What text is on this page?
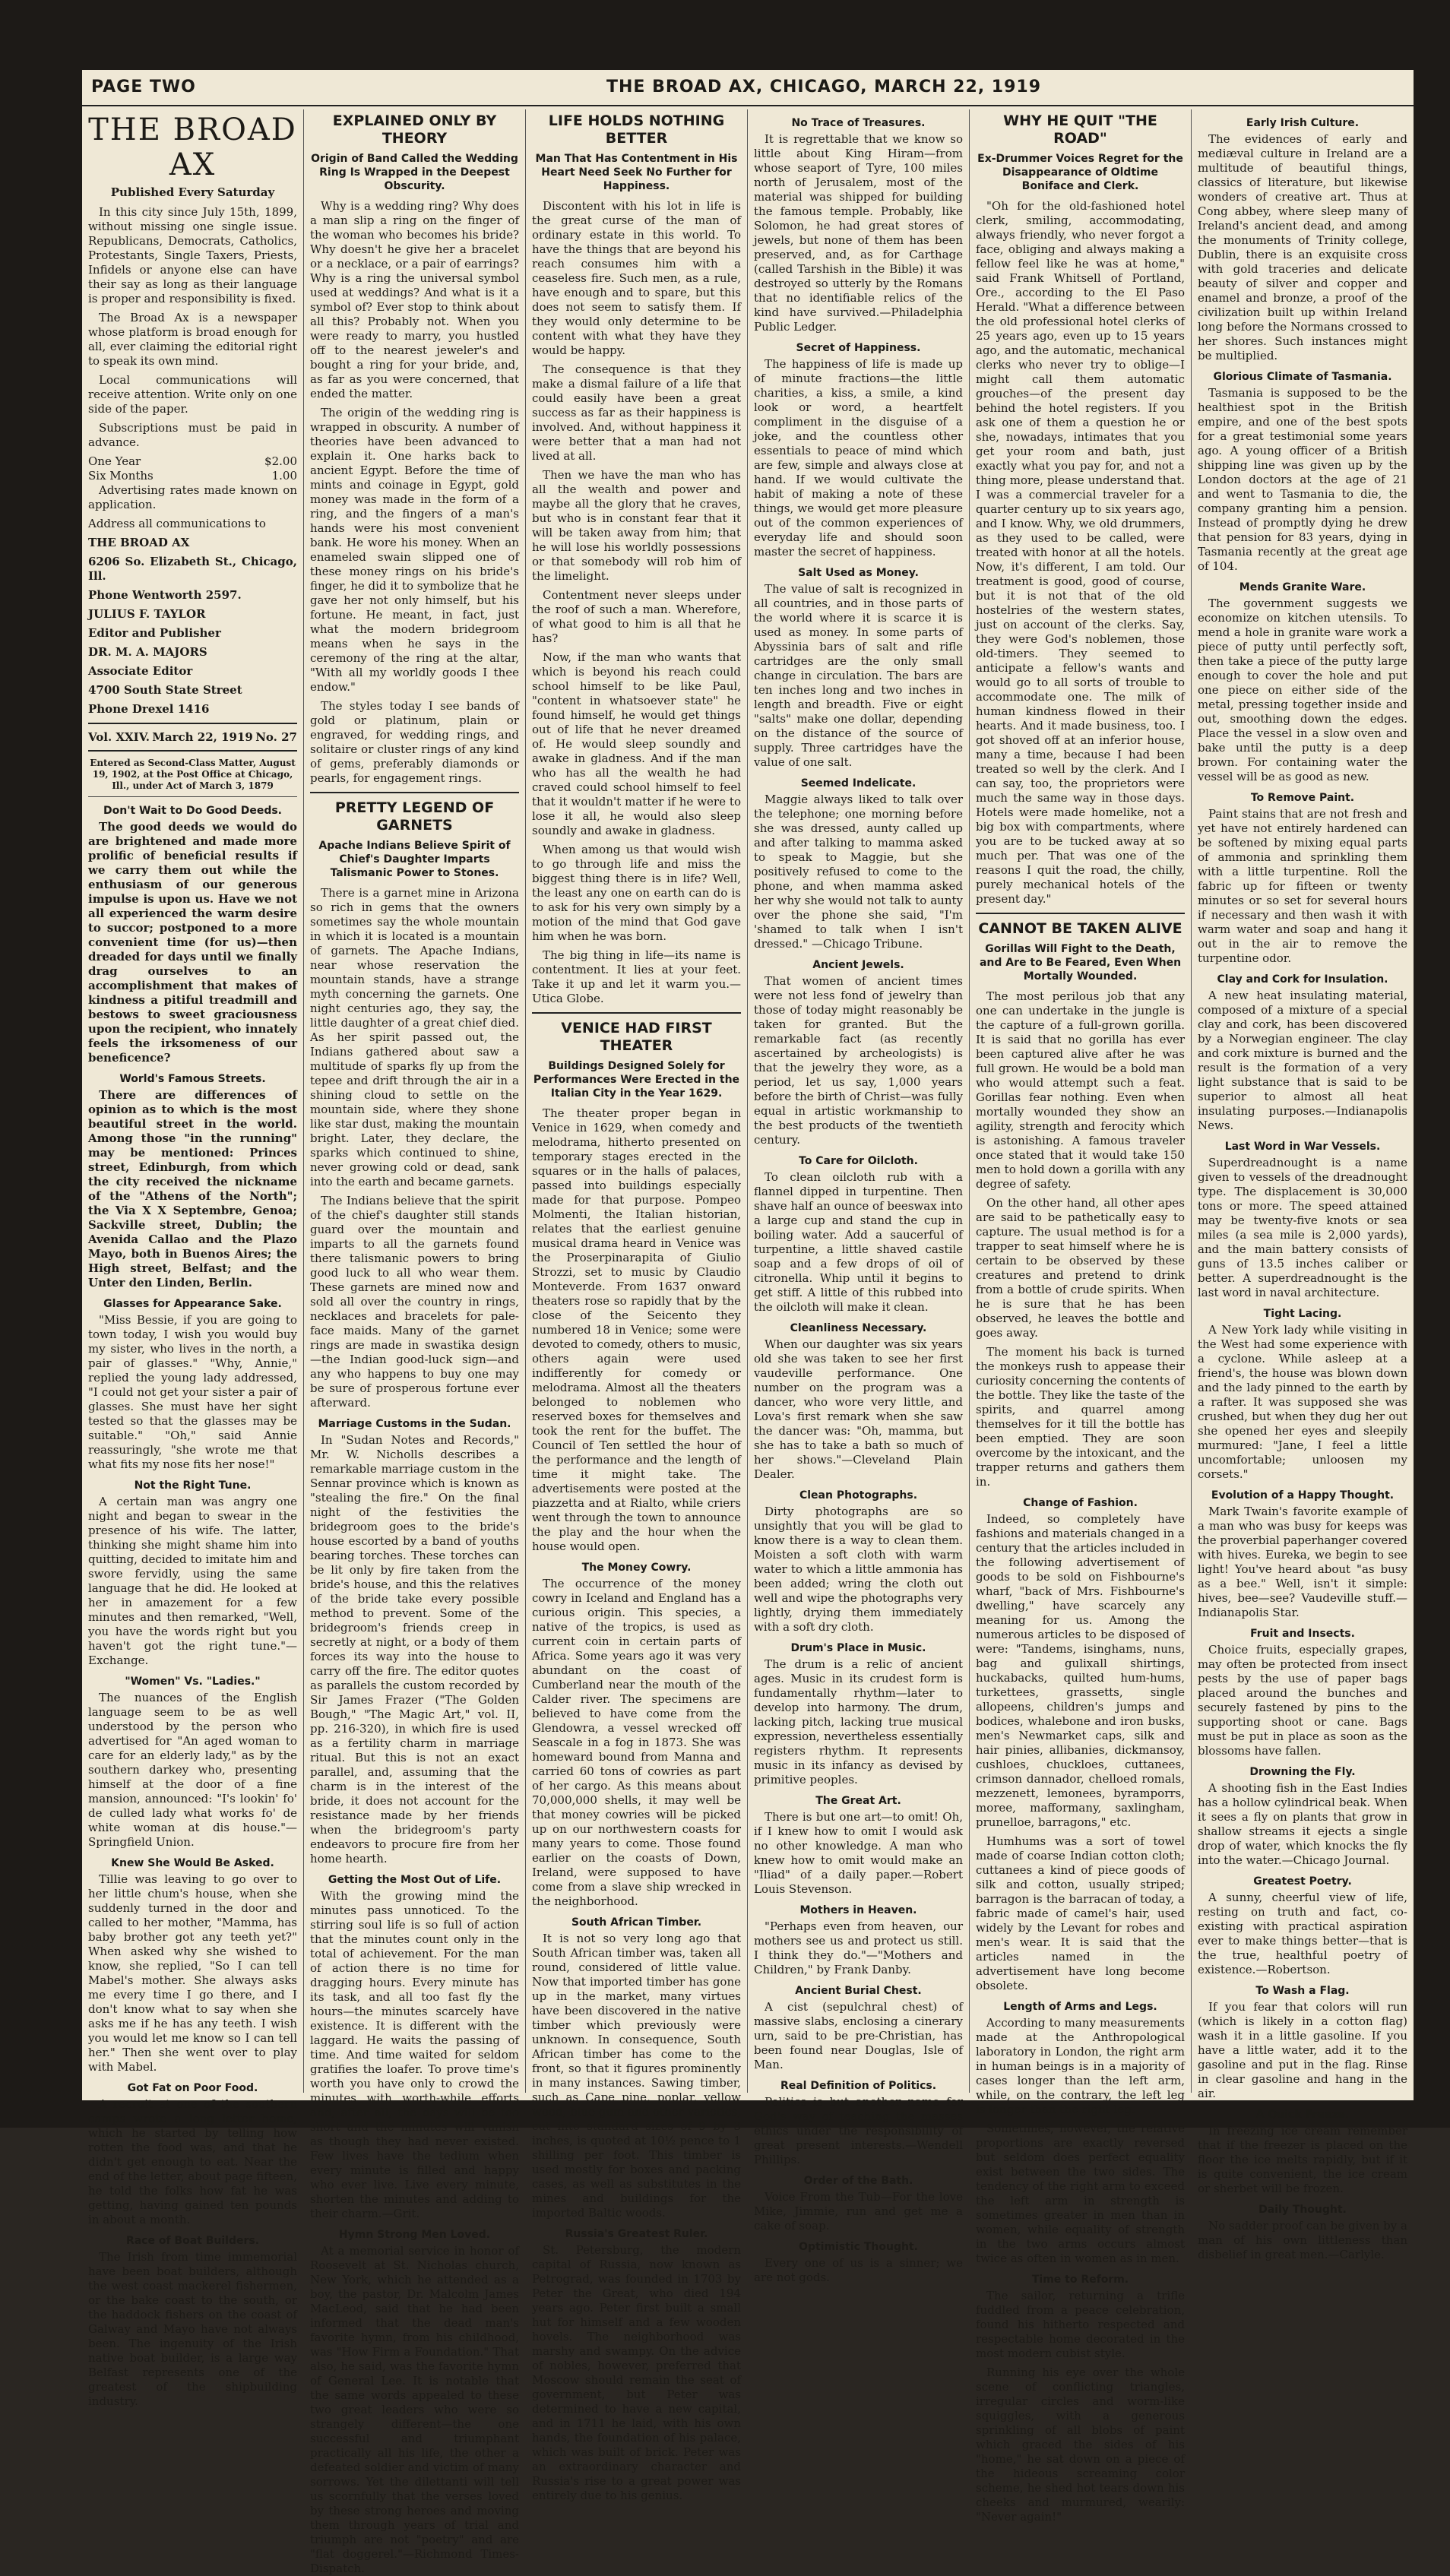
PAGE TWO	THE BROAD AX, CHICAGO, MARCH 22, 1919
THE BROAD AX
Published Every Saturday

In this city since July 15th, 1899, without missing one single issue. Republicans, Democrats, Catholics, Protestants, Single Taxers, Priests, Infidels or anyone else can have their say as long as their language is proper and responsibility is fixed.

The Broad Ax is a newspaper whose platform is broad enough for all, ever claiming the editorial right to speak its own mind.

Local communications will receive attention. Write only on one side of the paper.

Subscriptions must be paid in advance.

One Year	$2.00
Six Months	1.00

Advertising rates made known on application.

Address all communications to

THE BROAD AX

6206 So. Elizabeth St., Chicago, Ill.

Phone Wentworth 2597.

JULIUS F. TAYLOR

Editor and Publisher

DR. M. A. MAJORS

Associate Editor

4700 South State Street

Phone Drexel 1416

Vol. XXIV. March 22, 1919 No. 27
Entered as Second-Class Matter, August 19, 1902, at the Post Office at Chicago, Ill., under Act of March 3, 1879
Don't Wait to Do Good Deeds.

The good deeds we would do are brightened and made more prolific of beneficial results if we carry them out while the enthusiasm of our generous impulse is upon us. Have we not all experienced the warm desire to succor; postponed to a more convenient time (for us)—then dreaded for days until we finally drag ourselves to an accomplishment that makes of kindness a pitiful treadmill and bestows to sweet graciousness upon the recipient, who innately feels the irksomeness of our beneficence?

World's Famous Streets.

There are differences of opinion as to which is the most beautiful street in the world. Among those "in the running" may be mentioned: Princes street, Edinburgh, from which the city received the nickname of the "Athens of the North"; the Via X X Septembre, Genoa; Sackville street, Dublin; the Avenida Callao and the Plazo Mayo, both in Buenos Aires; the High street, Belfast; and the Unter den Linden, Berlin.

Glasses for Appearance Sake.

"Miss Bessie, if you are going to town today, I wish you would buy my sister, who lives in the north, a pair of glasses." "Why, Annie," replied the young lady addressed, "I could not get your sister a pair of glasses. She must have her sight tested so that the glasses may be suitable." "Oh," said Annie reassuringly, "she wrote me that what fits my nose fits her nose!"

Not the Right Tune.

A certain man was angry one night and began to swear in the presence of his wife. The latter, thinking she might shame him into quitting, decided to imitate him and swore fervidly, using the same language that he did. He looked at her in amazement for a few minutes and then remarked, "Well, you have the words right but you haven't got the right tune."—Exchange.

"Women" Vs. "Ladies."

The nuances of the English language seem to be as well understood by the person who advertised for "An aged woman to care for an elderly lady," as by the southern darkey who, presenting himself at the door of a fine mansion, announced: "I's lookin' fo' de culled lady what works fo' de white woman at dis house."—Springfield Union.

Knew She Would Be Asked.

Tillie was leaving to go over to her little chum's house, when she suddenly turned in the door and called to her mother, "Mamma, has baby brother got any teeth yet?" When asked why she wished to know, she replied, "So I can tell Mabel's mother. She always asks me every time I go there, and I don't know what to say when she asks me if he has any teeth. I wish you would let me know so I can tell her." Then she went over to play with Mabel.

Got Fat on Poor Food.

A recruit at one of the southern camps wrote a long letter home, which he started by telling how rotten the food was, and that he didn't get enough to eat. Near the end of the letter, about page fifteen, he told the folks how fat he was getting, having gained ten pounds in about a month.

Race of Boat Builders.

The Irish from time immemorial have been boat builders, although the west coast mackerel fishermen, or the bake coast to the south, or the haddock fishers on the coast of Galway and Mayo have not always been. The ingenuity of the Irish native boat builder, is a large way Belfast represents one of the greatest of the shipbuilding industry.

EXPLAINED ONLY BY THEORY
Origin of Band Called the Wedding Ring Is Wrapped in the Deepest Obscurity.

Why is a wedding ring? Why does a man slip a ring on the finger of the woman who becomes his bride? Why doesn't he give her a bracelet or a necklace, or a pair of earrings? Why is a ring the universal symbol used at weddings? And what is it a symbol of? Ever stop to think about all this? Probably not. When you were ready to marry, you hustled off to the nearest jeweler's and bought a ring for your bride, and, as far as you were concerned, that ended the matter.

The origin of the wedding ring is wrapped in obscurity. A number of theories have been advanced to explain it. One harks back to ancient Egypt. Before the time of mints and coinage in Egypt, gold money was made in the form of a ring, and the fingers of a man's hands were his most convenient bank. He wore his money. When an enameled swain slipped one of these money rings on his bride's finger, he did it to symbolize that he gave her not only himself, but his fortune. He meant, in fact, just what the modern bridegroom means when he says in the ceremony of the ring at the altar, "With all my worldly goods I thee endow."

The styles today I see bands of gold or platinum, plain or engraved, for wedding rings, and solitaire or cluster rings of any kind of gems, preferably diamonds or pearls, for engagement rings.

PRETTY LEGEND OF GARNETS
Apache Indians Believe Spirit of Chief's Daughter Imparts Talismanic Power to Stones.

There is a garnet mine in Arizona so rich in gems that the owners sometimes say the whole mountain in which it is located is a mountain of garnets. The Apache Indians, near whose reservation the mountain stands, have a strange myth concerning the garnets. One night centuries ago, they say, the little daughter of a great chief died. As her spirit passed out, the Indians gathered about saw a multitude of sparks fly up from the tepee and drift through the air in a shining cloud to settle on the mountain side, where they shone like star dust, making the mountain bright. Later, they declare, the sparks which continued to shine, never growing cold or dead, sank into the earth and became garnets.

The Indians believe that the spirit of the chief's daughter still stands guard over the mountain and imparts to all the garnets found there talismanic powers to bring good luck to all who wear them. These garnets are mined now and sold all over the country in rings, necklaces and bracelets for pale-face maids. Many of the garnet rings are made in swastika design —the Indian good-luck sign—and any who happens to buy one may be sure of prosperous fortune ever afterward.

Marriage Customs in the Sudan.

In "Sudan Notes and Records," Mr. W. Nicholls describes a remarkable marriage custom in the Sennar province which is known as "stealing the fire." On the final night of the festivities the bridegroom goes to the bride's house escorted by a band of youths bearing torches. These torches can be lit only by fire taken from the bride's house, and this the relatives of the bride take every possible method to prevent. Some of the bridegroom's friends creep in secretly at night, or a body of them forces its way into the house to carry off the fire. The editor quotes as parallels the custom recorded by Sir James Frazer ("The Golden Bough," "The Magic Art," vol. II, pp. 216-320), in which fire is used as a fertility charm in marriage ritual. But this is not an exact parallel, and, assuming that the charm is in the interest of the bride, it does not account for the resistance made by her friends when the bridegroom's party endeavors to procure fire from her home hearth.

Getting the Most Out of Life.

With the growing mind the minutes pass unnoticed. To the stirring soul life is so full of action that the minutes count only in the total of achievement. For the man of action there is no time for dragging hours. Every minute has its task, and all too fast fly the hours—the minutes scarcely have existence. It is different with the laggard. He waits the passing of time. And time waited for seldom gratifies the loafer. To prove time's worth you have only to crowd the minutes with worth-while efforts and, after all, the days will be too short and the minutes will vanish as though they had never existed. Few lives have the tedium when every minute is filled and happy who ever live. Live every minute, shorten the minutes and adding to their charm.—Grit.

Hymn Strong Men Loved.

At a memorial service in honor of Roosevelt at St. Nicholas church, New York, which he attended as a boy, the pastor, Dr. Malcolm James MacLeod, said that he had been informed that the dead man's favorite hymn, from his childhood, was "How Firm a Foundation." That also, he said, was the favorite hymn of General Lee. It is notable that the same words appealed to these two great leaders who were so strangely different—the one successful and triumphant practically all his life, the other a defeated soldier and victim of many sorrows. Yet the dilettanti will tell us scornfully that the verses loved by these strong heroes and moving them through years of trial and triumph are not "poetry" and are "flat doggerel."—Richmond Times-Dispatch.

LIFE HOLDS NOTHING BETTER
Man That Has Contentment in His Heart Need Seek No Further for Happiness.

Discontent with his lot in life is the great curse of the man of ordinary estate in this world. To have the things that are beyond his reach consumes him with a ceaseless fire. Such men, as a rule, have enough and to spare, but this does not seem to satisfy them. If they would only determine to be content with what they have they would be happy.

The consequence is that they make a dismal failure of a life that could easily have been a great success as far as their happiness is involved. And, without happiness it were better that a man had not lived at all.

Then we have the man who has all the wealth and power and maybe all the glory that he craves, but who is in constant fear that it will be taken away from him; that he will lose his worldly possessions or that somebody will rob him of the limelight.

Contentment never sleeps under the roof of such a man. Wherefore, of what good to him is all that he has?

Now, if the man who wants that which is beyond his reach could school himself to be like Paul, "content in whatsoever state" he found himself, he would get things out of life that he never dreamed of. He would sleep soundly and awake in gladness. And if the man who has all the wealth he had craved could school himself to feel that it wouldn't matter if he were to lose it all, he would also sleep soundly and awake in gladness.

When among us that would wish to go through life and miss the biggest thing there is in life? Well, the least any one on earth can do is to ask for his very own simply by a motion of the mind that God gave him when he was born.

The big thing in life—its name is contentment. It lies at your feet. Take it up and let it warm you.—Utica Globe.

VENICE HAD FIRST THEATER
Buildings Designed Solely for Performances Were Erected in the Italian City in the Year 1629.

The theater proper began in Venice in 1629, when comedy and melodrama, hitherto presented on temporary stages erected in the squares or in the halls of palaces, passed into buildings especially made for that purpose. Pompeo Molmenti, the Italian historian, relates that the earliest genuine musical drama heard in Venice was the Proserpinarapita of Giulio Strozzi, set to music by Claudio Monteverde. From 1637 onward theaters rose so rapidly that by the close of the Seicento they numbered 18 in Venice; some were devoted to comedy, others to music, others again were used indifferently for comedy or melodrama. Almost all the theaters belonged to noblemen who reserved boxes for themselves and took the rent for the buffet. The Council of Ten settled the hour of the performance and the length of time it might take. The advertisements were posted at the piazzetta and at Rialto, while criers went through the town to announce the play and the hour when the house would open.

The Money Cowry.

The occurrence of the money cowry in Iceland and England has a curious origin. This species, a native of the tropics, is used as current coin in certain parts of Africa. Some years ago it was very abundant on the coast of Cumberland near the mouth of the Calder river. The specimens are believed to have come from the Glendowra, a vessel wrecked off Seascale in a fog in 1873. She was homeward bound from Manna and carried 60 tons of cowries as part of her cargo. As this means about 70,000,000 shells, it may well be that money cowries will be picked up on our northwestern coasts for many years to come. Those found earlier on the coasts of Down, Ireland, were supposed to have come from a slave ship wrecked in the neighborhood.

South African Timber.

It is not so very long ago that South African timber was, taken all round, considered of little value. Now that imported timber has gone up in the market, many virtues have been discovered in the native timber which previously were unknown. In consequence, South African timber has come to the front, so that it figures prominently in many instances. Sawing timber, such as Cape pine, poplar, yellow wood, blue gum and other varieties, cut into standard sizes of 9 by 3 inches, is quoted at 10½ pence to 1 shilling per foot. This timber is used mostly for boxes and packing cases, as well as substitutes in the mines and buildings for the imported Baltic woods.

Russia's Greatest Ruler.

St. Petersburg, the modern capital of Russia, now known as Petrograd, was founded in 1703 by Peter the Great, who died 194 years ago. Peter first built a small hut for himself and a few wooden hovels. The neighborhood was marshy and swampy. On the advice of nobles, however, preferred that Moscow should remain the seat of government, but Peter was determined to have a new capital, and in 1711 he laid, with his own hands, the foundation of his palace, which was built of brick. Peter was an extraordinary character and Russia's rise to a great power was entirely due to his genius.

No Trace of Treasures.

It is regrettable that we know so little about King Hiram—from whose seaport of Tyre, 100 miles north of Jerusalem, most of the material was shipped for building the famous temple. Probably, like Solomon, he had great stores of jewels, but none of them has been preserved, and, as for Carthage (called Tarshish in the Bible) it was destroyed so utterly by the Romans that no identifiable relics of the kind have survived.—Philadelphia Public Ledger.

Secret of Happiness.

The happiness of life is made up of minute fractions—the little charities, a kiss, a smile, a kind look or word, a heartfelt compliment in the disguise of a joke, and the countless other essentials to peace of mind which are few, simple and always close at hand. If we would cultivate the habit of making a note of these things, we would get more pleasure out of the common experiences of everyday life and should soon master the secret of happiness.

Salt Used as Money.

The value of salt is recognized in all countries, and in those parts of the world where it is scarce it is used as money. In some parts of Abyssinia bars of salt and rifle cartridges are the only small change in circulation. The bars are ten inches long and two inches in length and breadth. Five or eight "salts" make one dollar, depending on the distance of the source of supply. Three cartridges have the value of one salt.

Seemed Indelicate.

Maggie always liked to talk over the telephone; one morning before she was dressed, aunty called up and after talking to mamma asked to speak to Maggie, but she positively refused to come to the phone, and when mamma asked her why she would not talk to aunty over the phone she said, "I'm 'shamed to talk when I isn't dressed." —Chicago Tribune.

Ancient Jewels.

That women of ancient times were not less fond of jewelry than those of today might reasonably be taken for granted. But the remarkable fact (as recently ascertained by archeologists) is that the jewelry they wore, as a period, let us say, 1,000 years before the birth of Christ—was fully equal in artistic workmanship to the best products of the twentieth century.

To Care for Oilcloth.

To clean oilcloth rub with a flannel dipped in turpentine. Then shave half an ounce of beeswax into a large cup and stand the cup in boiling water. Add a saucerful of turpentine, a little shaved castile soap and a few drops of oil of citronella. Whip until it begins to get stiff. A little of this rubbed into the oilcloth will make it clean.

Cleanliness Necessary.

When our daughter was six years old she was taken to see her first vaudeville performance. One number on the program was a dancer, who wore very little, and Lova's first remark when she saw the dancer was: "Oh, mamma, but she has to take a bath so much of her shows."—Cleveland Plain Dealer.

Clean Photographs.

Dirty photographs are so unsightly that you will be glad to know there is a way to clean them. Moisten a soft cloth with warm water to which a little ammonia has been added; wring the cloth out well and wipe the photographs very lightly, drying them immediately with a soft dry cloth.

Drum's Place in Music.

The drum is a relic of ancient ages. Music in its crudest form is fundamentally rhythm—later to develop into harmony. The drum, lacking pitch, lacking true musical expression, nevertheless essentially registers rhythm. It represents music in its infancy as devised by primitive peoples.

The Great Art.

There is but one art—to omit! Oh, if I knew how to omit I would ask no other knowledge. A man who knew how to omit would make an "Iliad" of a daily paper.—Robert Louis Stevenson.

Mothers in Heaven.

"Perhaps even from heaven, our mothers see us and protect us still. I think they do."—"Mothers and Children," by Frank Danby.

Ancient Burial Chest.

A cist (sepulchral chest) of massive slabs, enclosing a cinerary urn, said to be pre-Christian, has been found near Douglas, Isle of Man.

Real Definition of Politics.

Politics is but another name for God's way of teaching the masses ethics under the responsibility of great present interests.—Wendell Phillips.

Order of the Bath.

Voice From the Tub—For the love Mike, Jimmie, run and get me a cake of soap.

Optimistic Thought.

Every one of us is a sinner; we are not gods.

WHY HE QUIT "THE ROAD"
Ex-Drummer Voices Regret for the Disappearance of Oldtime Boniface and Clerk.

"Oh for the old-fashioned hotel clerk, smiling, accommodating, always friendly, who never forgot a face, obliging and always making a fellow feel like he was at home," said Frank Whitsell of Portland, Ore., according to the El Paso Herald. "What a difference between the old professional hotel clerks of 25 years ago, even up to 15 years ago, and the automatic, mechanical clerks who never try to oblige—I might call them automatic grouches—of the present day behind the hotel registers. If you ask one of them a question he or she, nowadays, intimates that you get your room and bath, just exactly what you pay for, and not a thing more, please understand that. I was a commercial traveler for a quarter century up to six years ago, and I know. Why, we old drummers, as they used to be called, were treated with honor at all the hotels. Now, it's different, I am told. Our treatment is good, good of course, but it is not that of the old hostelries of the western states, just on account of the clerks. Say, they were God's noblemen, those old-timers. They seemed to anticipate a fellow's wants and would go to all sorts of trouble to accommodate one. The milk of human kindness flowed in their hearts. And it made business, too. I got shoved off at an inferior house, many a time, because I had been treated so well by the clerk. And I can say, too, the proprietors were much the same way in those days. Hotels were made homelike, not a big box with compartments, where you are to be tucked away at so much per. That was one of the reasons I quit the road, the chilly, purely mechanical hotels of the present day."

CANNOT BE TAKEN ALIVE
Gorillas Will Fight to the Death, and Are to Be Feared, Even When Mortally Wounded.

The most perilous job that any one can undertake in the jungle is the capture of a full-grown gorilla. It is said that no gorilla has ever been captured alive after he was full grown. He would be a bold man who would attempt such a feat. Gorillas fear nothing. Even when mortally wounded they show an agility, strength and ferocity which is astonishing. A famous traveler once stated that it would take 150 men to hold down a gorilla with any degree of safety.

On the other hand, all other apes are said to be pathetically easy to capture. The usual method is for a trapper to seat himself where he is certain to be observed by these creatures and pretend to drink from a bottle of crude spirits. When he is sure that he has been observed, he leaves the bottle and goes away.

The moment his back is turned the monkeys rush to appease their curiosity concerning the contents of the bottle. They like the taste of the spirits, and quarrel among themselves for it till the bottle has been emptied. They are soon overcome by the intoxicant, and the trapper returns and gathers them in.

Change of Fashion.

Indeed, so completely have fashions and materials changed in a century that the articles included in the following advertisement of goods to be sold on Fishbourne's wharf, "back of Mrs. Fishbourne's dwelling," have scarcely any meaning for us. Among the numerous articles to be disposed of were: "Tandems, isinghams, nuns, bag and gulixall shirtings, huckabacks, quilted hum-hums, turkettees, grassetts, single allopeens, children's jumps and bodices, whalebone and iron busks, men's Newmarket caps, silk and hair pinies, allibanies, dickmansoy, cushloes, chuckloes, cuttanees, crimson dannador, chelloed romals, mezzenett, lemonees, byramporrs, moree, mafformany, saxlingham, prunelloe, barragons," etc.

Humhums was a sort of towel made of coarse Indian cotton cloth; cuttanees a kind of piece goods of silk and cotton, usually striped; barragon is the barracan of today, a fabric made of camel's hair, used widely by the Levant for robes and men's wear. It is said that the articles named in the advertisement have long become obsolete.

Length of Arms and Legs.

According to many measurements made at the Anthropological laboratory in London, the right arm in human beings is in a majority of cases longer than the left arm, while, on the contrary, the left leg is longer than the right leg.

Sometimes, however, the relative proportions are exactly reversed but seldom does perfect equality exist between the two sides. The tendency of the right arm to exceed the left arm in strength is sometimes greater in men than in women, while equality of strength in the two arms occurs almost twice as often in women as in men.

Time to Reform.

The sailor, returning a trifle fuddled from a peace celebration, found his hitherto respected and respectable home decorated in the most modern cubist style.

Running his eye over the whole scene of conflicting triangles, irregular circles and worm-like squiggles, with a generous sprinkling of all blobs of paint which graced the sides of his "home," he sat down on a piece of the hideous screaming color scheme, he shed hot tears down his cheeks and murmured, wearily: "Never again!"

Early Irish Culture.

The evidences of early and mediæval culture in Ireland are a multitude of beautiful things, classics of literature, but likewise wonders of creative art. Thus at Cong abbey, where sleep many of Ireland's ancient dead, and among the monuments of Trinity college, Dublin, there is an exquisite cross with gold traceries and delicate beauty of silver and copper and enamel and bronze, a proof of the civilization built up within Ireland long before the Normans crossed to her shores. Such instances might be multiplied.

Glorious Climate of Tasmania.

Tasmania is supposed to be the healthiest spot in the British empire, and one of the best spots for a great testimonial some years ago. A young officer of a British shipping line was given up by the London doctors at the age of 21 and went to Tasmania to die, the company granting him a pension. Instead of promptly dying he drew that pension for 83 years, dying in Tasmania recently at the great age of 104.

Mends Granite Ware.

The government suggests we economize on kitchen utensils. To mend a hole in granite ware work a piece of putty until perfectly soft, then take a piece of the putty large enough to cover the hole and put one piece on either side of the metal, pressing together inside and out, smoothing down the edges. Place the vessel in a slow oven and bake until the putty is a deep brown. For containing water the vessel will be as good as new.

To Remove Paint.

Paint stains that are not fresh and yet have not entirely hardened can be softened by mixing equal parts of ammonia and sprinkling them with a little turpentine. Roll the fabric up for fifteen or twenty minutes or so set for several hours if necessary and then wash it with warm water and soap and hang it out in the air to remove the turpentine odor.

Clay and Cork for Insulation.

A new heat insulating material, composed of a mixture of a special clay and cork, has been discovered by a Norwegian engineer. The clay and cork mixture is burned and the result is the formation of a very light substance that is said to be superior to almost all heat insulating purposes.—Indianapolis News.

Last Word in War Vessels.

Superdreadnought is a name given to vessels of the dreadnought type. The displacement is 30,000 tons or more. The speed attained may be twenty-five knots or sea miles (a sea mile is 2,000 yards), and the main battery consists of guns of 13.5 inches caliber or better. A superdreadnought is the last word in naval architecture.

Tight Lacing.

A New York lady while visiting in the West had some experience with a cyclone. While asleep at a friend's, the house was blown down and the lady pinned to the earth by a rafter. It was supposed she was crushed, but when they dug her out she opened her eyes and sleepily murmured: "Jane, I feel a little uncomfortable; unloosen my corsets."

Evolution of a Happy Thought.

Mark Twain's favorite example of a man who was busy for keeps was the proverbial paperhanger covered with hives. Eureka, we begin to see light! You've heard about "as busy as a bee." Well, isn't it simple: hives, bee—see? Vaudeville stuff.—Indianapolis Star.

Fruit and Insects.

Choice fruits, especially grapes, may often be protected from insect pests by the use of paper bags placed around the bunches and securely fastened by pins to the supporting shoot or cane. Bags must be put in place as soon as the blossoms have fallen.

Drowning the Fly.

A shooting fish in the East Indies has a hollow cylindrical beak. When it sees a fly on plants that grow in shallow streams it ejects a single drop of water, which knocks the fly into the water.—Chicago Journal.

Greatest Poetry.

A sunny, cheerful view of life, resting on truth and fact, co-existing with practical aspiration ever to make things better—that is the true, healthful poetry of existence.—Robertson.

To Wash a Flag.

If you fear that colors will run (which is likely in a cotton flag) wash it in a little gasoline. If you have a little water, add it to the gasoline and put in the flag. Rinse in clear gasoline and hang in the air.

A Quick Freeze.

In freezing ice cream remember that if the freezer is placed on the floor the ice melts rapidly, but if it is quite convenient, the ice cream or sherbet will be frozen.

Daily Thought.

No sadder proof can be given by a man of his own littleness than disbelief in great men.—Carlyle.
